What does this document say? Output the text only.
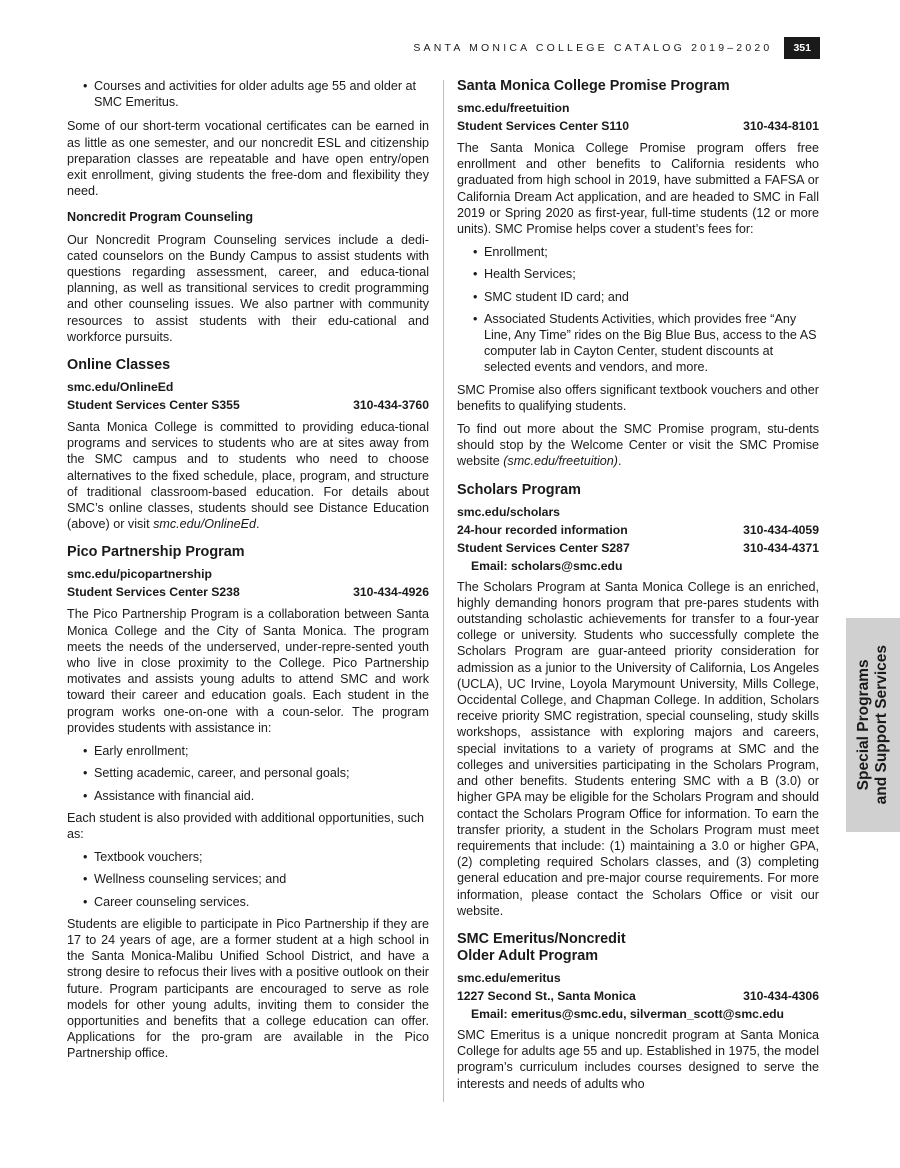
SANTA MONICA COLLEGE CATALOG 2019–2020	351
• Courses and activities for older adults age 55 and older at SMC Emeritus.

Some of our short-term vocational certificates can be earned in as little as one semester, and our noncredit ESL and citizenship preparation classes are repeatable and have open entry/open exit enrollment, giving students the free-dom and flexibility they need.

Noncredit Program Counseling

Our Noncredit Program Counseling services include a dedi-cated counselors on the Bundy Campus to assist students with questions regarding assessment, career, and educa-tional planning, as well as transitional services to credit programming and other counseling issues. We also partner with community resources to assist students with their edu-cational and workforce pursuits.

Online Classes
smc.edu/OnlineEd
Student Services Center S355	310-434-3760

Santa Monica College is committed to providing educa-tional programs and services to students who are at sites away from the SMC campus and to students who need to choose alternatives to the fixed schedule, place, program, and structure of traditional classroom-based education. For details about SMC’s online classes, students should see Distance Education (above) or visit smc.edu/OnlineEd.

Pico Partnership Program
smc.edu/picopartnership
Student Services Center S238	310-434-4926

The Pico Partnership Program is a collaboration between Santa Monica College and the City of Santa Monica. The program meets the needs of the underserved, under-repre-sented youth who live in close proximity to the College. Pico Partnership motivates and assists young adults to attend SMC and work toward their career and education goals. Each student in the program works one-on-one with a coun-selor. The program provides students with assistance in:

• Early enrollment;
• Setting academic, career, and personal goals;
• Assistance with financial aid.

Each student is also provided with additional opportunities, such as:

• Textbook vouchers;
• Wellness counseling services; and
• Career counseling services.

Students are eligible to participate in Pico Partnership if they are 17 to 24 years of age, are a former student at a high school in the Santa Monica-Malibu Unified School District, and have a strong desire to refocus their lives with a positive outlook on their future. Program participants are encouraged to serve as role models for other young adults, inviting them to consider the opportunities and benefits that a college education can offer. Applications for the pro-gram are available in the Pico Partnership office.

Santa Monica College Promise Program
smc.edu/freetuition
Student Services Center S110	310-434-8101

The Santa Monica College Promise program offers free enrollment and other benefits to California residents who graduated from high school in 2019, have submitted a FAFSA or California Dream Act application, and are headed to SMC in Fall 2019 or Spring 2020 as first-year, full-time students (12 or more units). SMC Promise helps cover a student’s fees for:

• Enrollment;
• Health Services;
• SMC student ID card; and
• Associated Students Activities, which provides free “Any Line, Any Time” rides on the Big Blue Bus, access to the AS computer lab in Cayton Center, student discounts at selected events and vendors, and more.

SMC Promise also offers significant textbook vouchers and other benefits to qualifying students.

To find out more about the SMC Promise program, stu-dents should stop by the Welcome Center or visit the SMC Promise website (smc.edu/freetuition).

Scholars Program
smc.edu/scholars
24-hour recorded information	310-434-4059
Student Services Center S287	310-434-4371
Email: scholars@smc.edu

The Scholars Program at Santa Monica College is an enriched, highly demanding honors program that pre-pares students with outstanding scholastic achievements for transfer to a four-year college or university. Students who successfully complete the Scholars Program are guar-anteed priority consideration for admission as a junior to the University of California, Los Angeles (UCLA), UC Irvine, Loyola Marymount University, Mills College, Occidental College, and Chapman College. In addition, Scholars receive priority SMC registration, special counseling, study skills workshops, assistance with exploring majors and careers, special invitations to a variety of programs at SMC and the colleges and universities participating in the Scholars Program, and other benefits. Students entering SMC with a B (3.0) or higher GPA may be eligible for the Scholars Program and should contact the Scholars Program Office for information. To earn the transfer priority, a student in the Scholars Program must meet requirements that include: (1) maintaining a 3.0 or higher GPA, (2) completing required Scholars classes, and (3) completing general education and pre-major course requirements. For more information, please contact the Scholars Office or visit our website.

SMC Emeritus/Noncredit
Older Adult Program
smc.edu/emeritus
1227 Second St., Santa Monica	310-434-4306
Email: emeritus@smc.edu, silverman_scott@smc.edu

SMC Emeritus is a unique noncredit program at Santa Monica College for adults age 55 and up. Established in 1975, the model program’s curriculum includes courses designed to serve the interests and needs of adults who

Special Programs and Support Services
